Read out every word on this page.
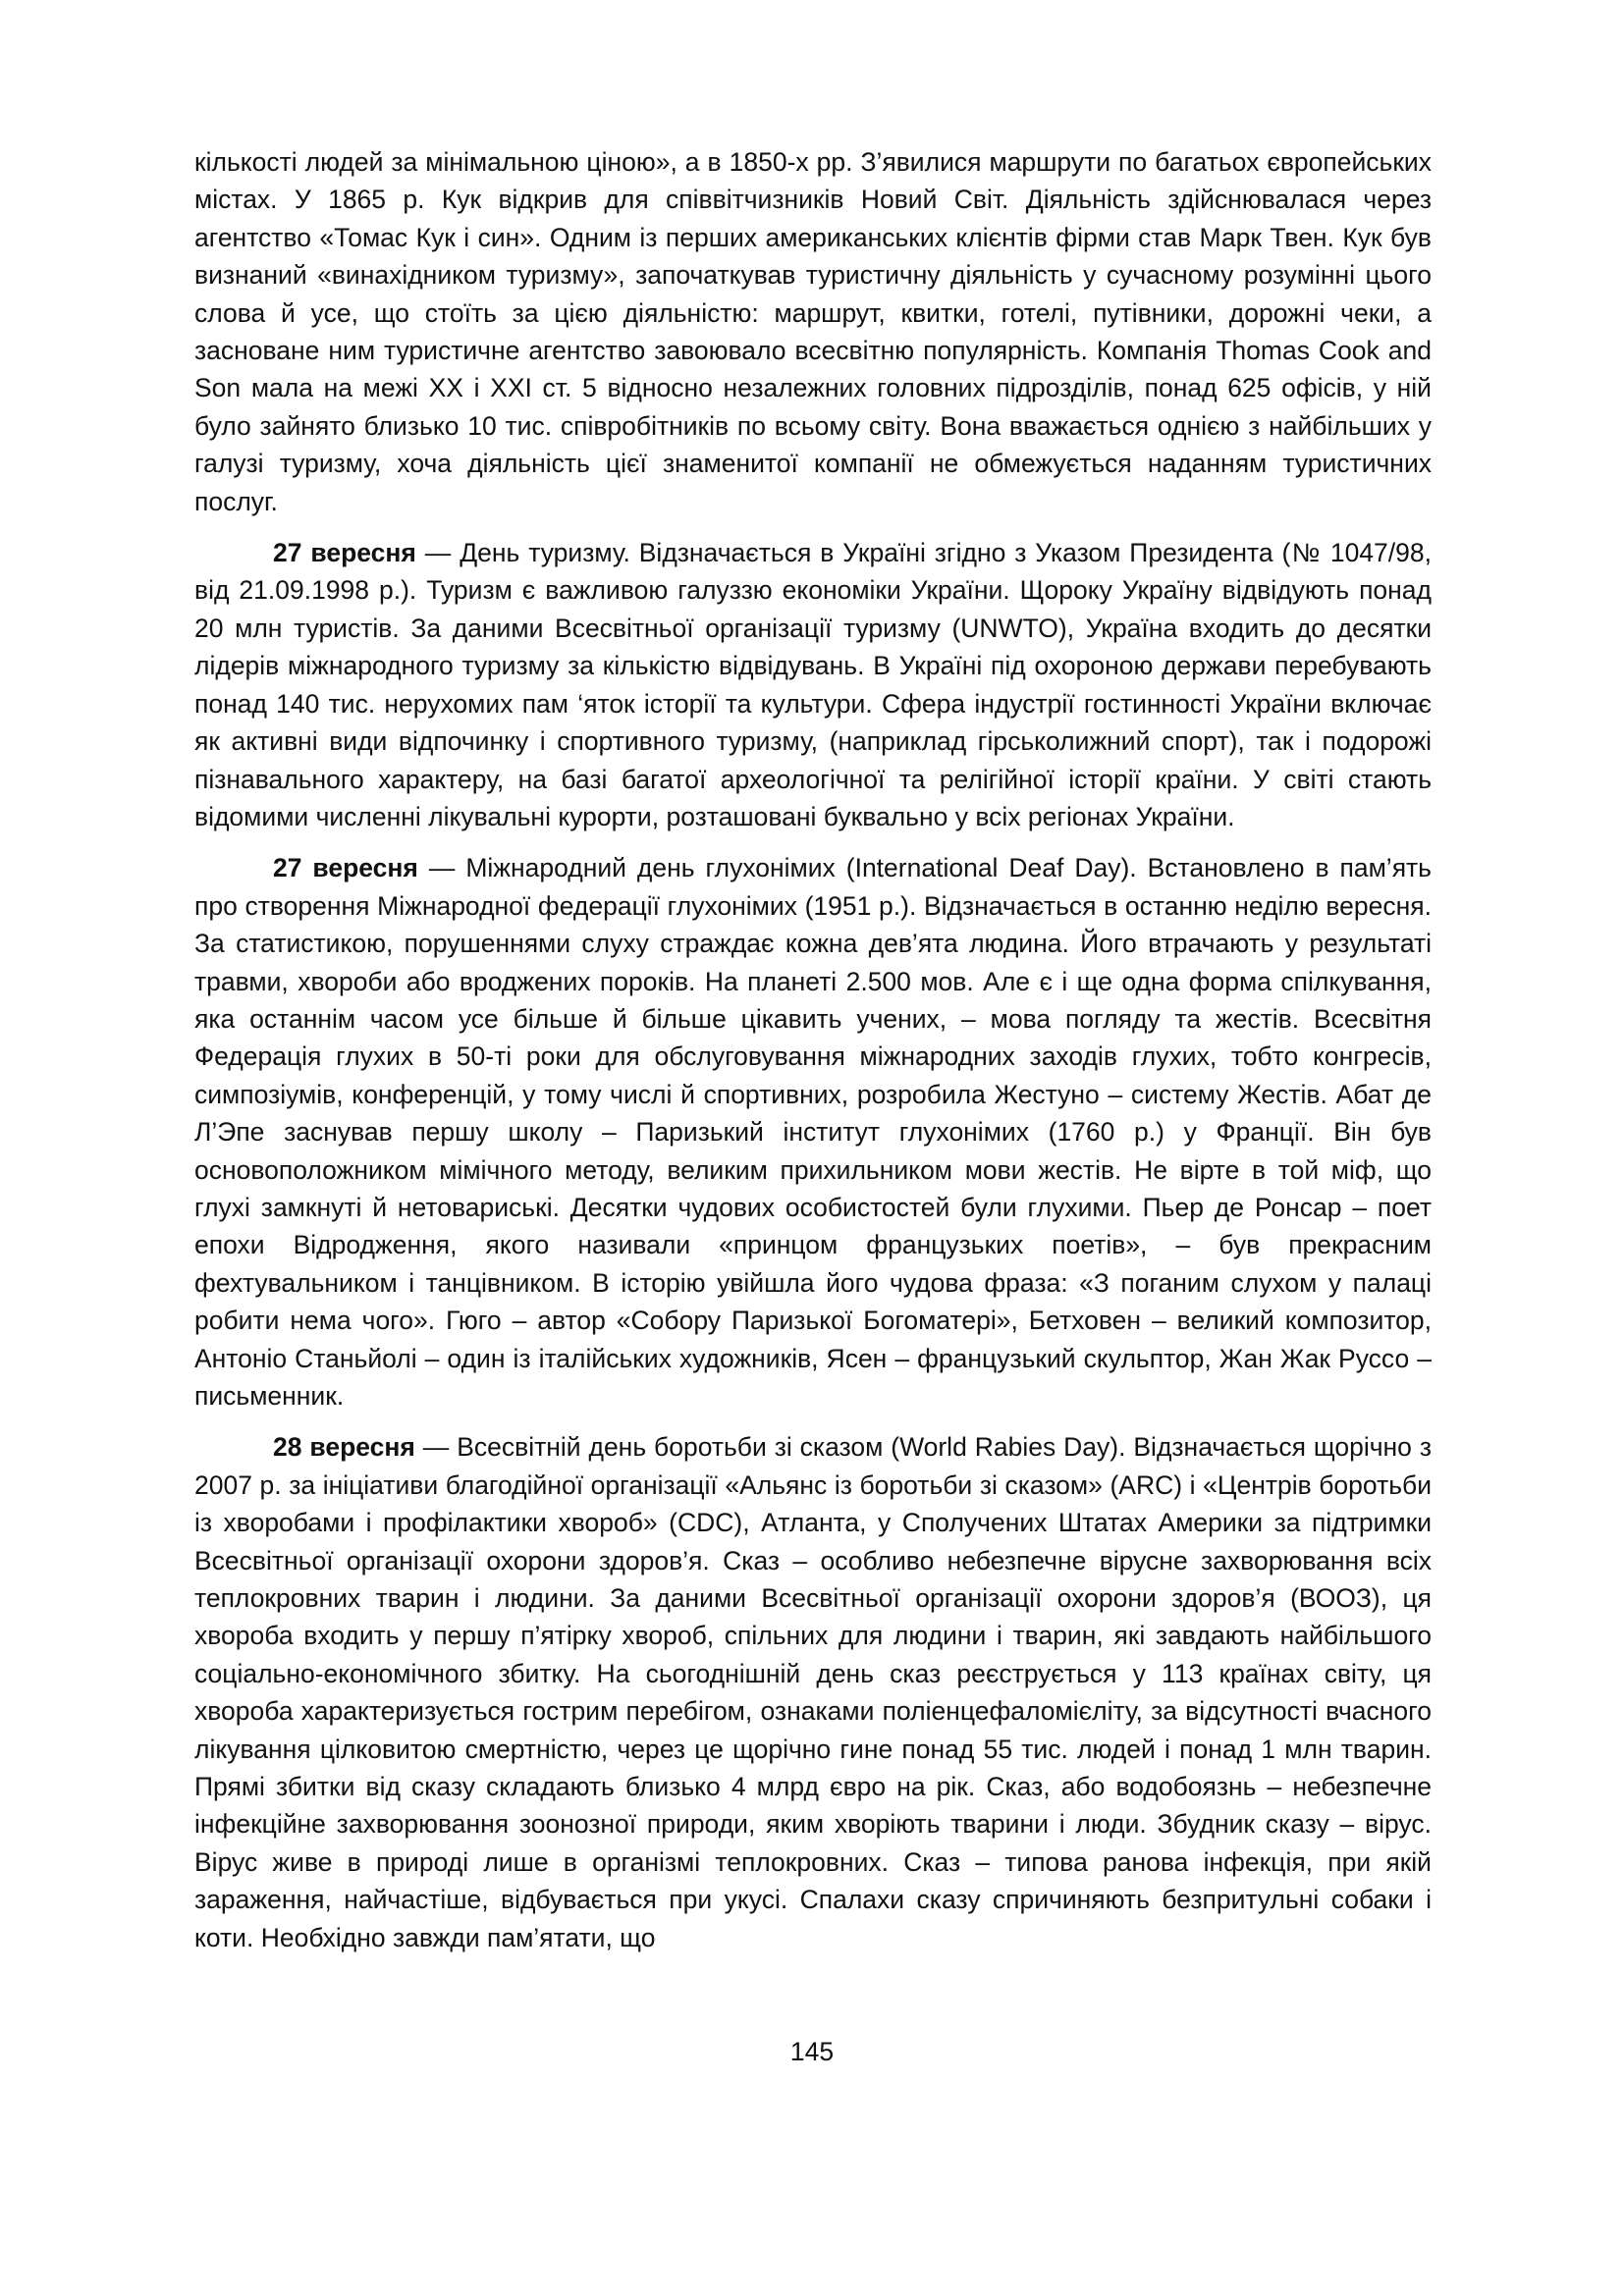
кількості людей за мінімальною ціною», а в 1850-х рр. З’явилися маршрути по багатьох європейських містах. У 1865 р. Кук відкрив для співвітчизників Новий Світ. Діяльність здійснювалася через агентство «Томас Кук і син». Одним із перших американських клієнтів фірми став Марк Твен. Кук був визнаний «винахідником туризму», започаткував туристичну діяльність у сучасному розумінні цього слова й усе, що стоїть за цією діяльністю: маршрут, квитки, готелі, путівники, дорожні чеки, а засноване ним туристичне агентство завоювало всесвітню популярність. Компанія Thomas Cook and Son мала на межі XX і XXI ст. 5 відносно незалежних головних підрозділів, понад 625 офісів, у ній було зайнято близько 10 тис. співробітників по всьому світу. Вона вважається однією з найбільших у галузі туризму, хоча діяльність цієї знаменитої компанії не обмежується наданням туристичних послуг.

27 вересня — День туризму. Відзначається в Україні згідно з Указом Президента (№ 1047/98, від 21.09.1998 р.). Туризм є важливою галуззю економіки України. Щороку Україну відвідують понад 20 млн туристів. За даними Всесвітньої організації туризму (UNWTO), Україна входить до десятки лідерів міжнародного туризму за кількістю відвідувань. В Україні під охороною держави перебувають понад 140 тис. нерухомих пам ‘яток історії та культури. Сфера індустрії гостинності України включає як активні види відпочинку і спортивного туризму, (наприклад гірськолижний спорт), так і подорожі пізнавального характеру, на базі багатої археологічної та релігійної історії країни. У світі стають відомими численні лікувальні курорти, розташовані буквально у всіх регіонах України.

27 вересня — Міжнародний день глухонімих (International Deaf Day). Встановлено в пам’ять про створення Міжнародної федерації глухонімих (1951 р.). Відзначається в останню неділю вересня. За статистикою, порушеннями слуху страждає кожна дев’ята людина. Його втрачають у результаті травми, хвороби або вроджених пороків. На планеті 2.500 мов. Але є і ще одна форма спілкування, яка останнім часом усе більше й більше цікавить учених, – мова погляду та жестів. Всесвітня Федерація глухих в 50-ті роки для обслуговування міжнародних заходів глухих, тобто конгресів, симпозіумів, конференцій, у тому числі й спортивних, розробила Жестуно – систему Жестів. Абат де Л’Эпе заснував першу школу – Паризький інститут глухонімих (1760 р.) у Франції. Він був основоположником мімічного методу, великим прихильником мови жестів. Не вірте в той міф, що глухі замкнуті й нетовариські. Десятки чудових особистостей були глухими. Пьер де Ронсар – поет епохи Відродження, якого називали «принцом французьких поетів», – був прекрасним фехтувальником і танцівником. В історію увійшла його чудова фраза: «З поганим слухом у палаці робити нема чого». Гюго – автор «Собору Паризької Богоматері», Бетховен – великий композитор, Антоніо Станьйолі – один із італійських художників, Ясен – французький скульптор, Жан Жак Руссо – письменник.

28 вересня — Всесвітній день боротьби зі сказом (World Rabies Day). Відзначається щорічно з 2007 р. за ініціативи благодійної організації «Альянс із боротьби зі сказом» (ARC) і «Центрів боротьби із хворобами і профілактики хвороб» (CDC), Атланта, у Сполучених Штатах Америки за підтримки Всесвітньої організації охорони здоров’я. Сказ – особливо небезпечне вірусне захворювання всіх теплокровних тварин і людини. За даними Всесвітньої організації охорони здоров’я (ВООЗ), ця хвороба входить у першу п’ятірку хвороб, спільних для людини і тварин, які завдають найбільшого соціально-економічного збитку. На сьогоднішній день сказ реєструється у 113 країнах світу, ця хвороба характеризується гострим перебігом, ознаками поліенцефаломієліту, за відсутності вчасного лікування цілковитою смертністю, через це щорічно гине понад 55 тис. людей і понад 1 млн тварин. Прямі збитки від сказу складають близько 4 млрд євро на рік. Сказ, або водобоязнь – небезпечне інфекційне захворювання зоонозної природи, яким хворіють тварини і люди. Збудник сказу – вірус. Вірус живе в природі лише в організмі теплокровних. Сказ – типова ранова інфекція, при якій зараження, найчастіше, відбувається при укусі. Спалахи сказу спричиняють безпритульні собаки і коти. Необхідно завжди пам’ятати, що

145
